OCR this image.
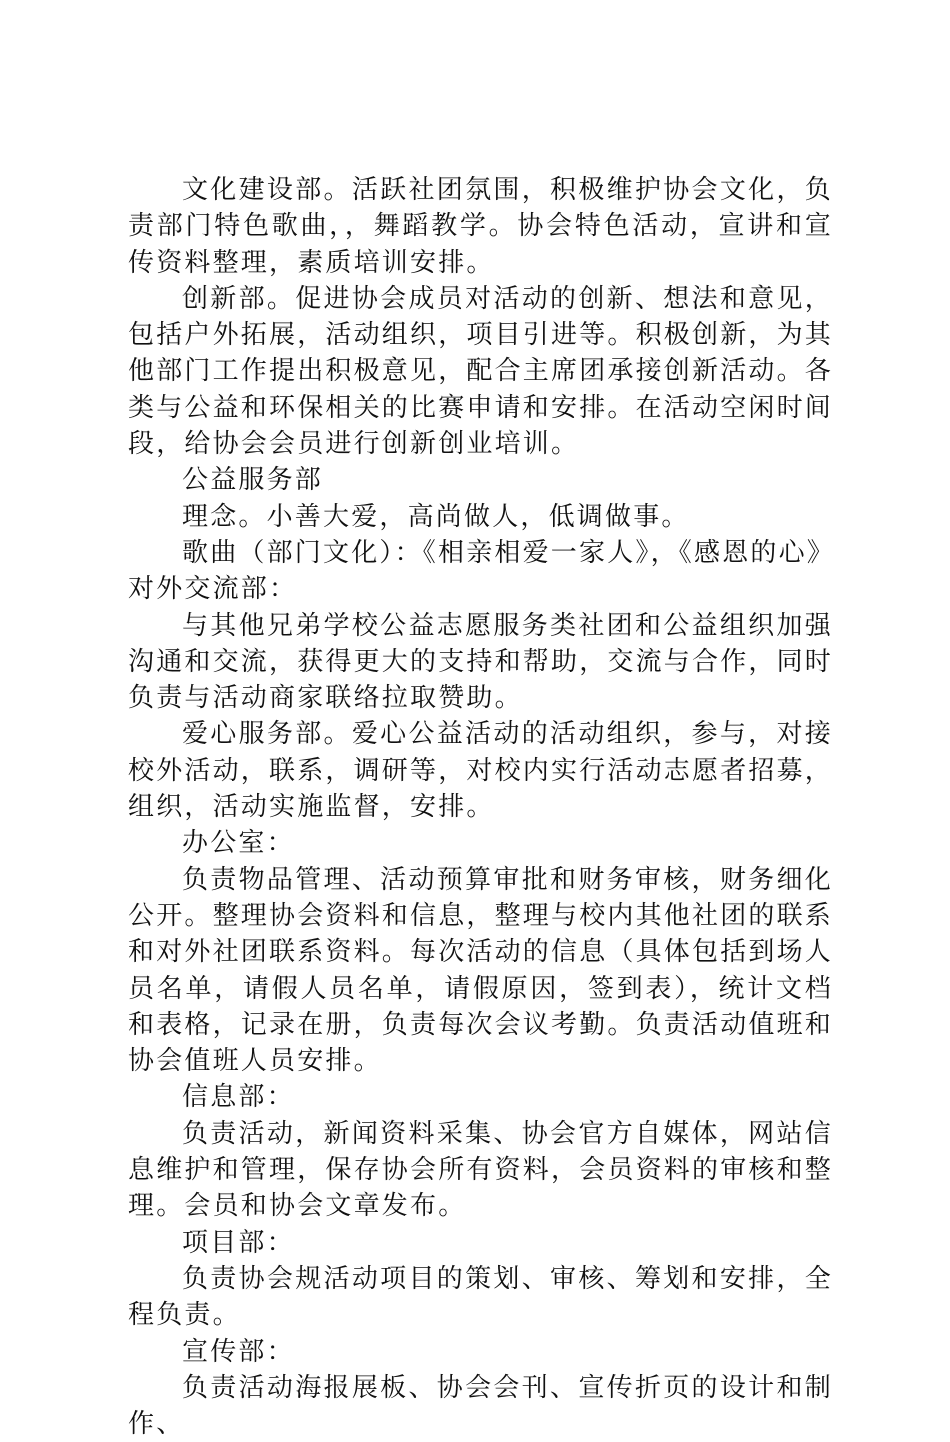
文化建设部。活跃社团氛围，积极维护协会文化，负责部门特色歌曲，，舞蹈教学。协会特色活动，宣讲和宣传资料整理，素质培训安排。

创新部。促进协会成员对活动的创新、想法和意见，包括户外拓展，活动组织，项目引进等。积极创新，为其他部门工作提出积极意见，配合主席团承接创新活动。各类与公益和环保相关的比赛申请和安排。在活动空闲时间段，给协会会员进行创新创业培训。

公益服务部

理念。小善大爱，高尚做人，低调做事。

歌曲（部门文化）：《相亲相爱一家人》，《感恩的心》

对外交流部：

与其他兄弟学校公益志愿服务类社团和公益组织加强沟通和交流，获得更大的支持和帮助，交流与合作，同时负责与活动商家联络拉取赞助。

爱心服务部。爱心公益活动的活动组织，参与，对接校外活动，联系，调研等，对校内实行活动志愿者招募，组织，活动实施监督，安排。

办公室：

负责物品管理、活动预算审批和财务审核，财务细化公开。整理协会资料和信息，整理与校内其他社团的联系和对外社团联系资料。每次活动的信息（具体包括到场人员名单，请假人员名单，请假原因，签到表），统计文档和表格，记录在册，负责每次会议考勤。负责活动值班和协会值班人员安排。

信息部：

负责活动，新闻资料采集、协会官方自媒体，网站信息维护和管理，保存协会所有资料，会员资料的审核和整理。会员和协会文章发布。

项目部：

负责协会规活动项目的策划、审核、筹划和安排，全程负责。

宣传部：

负责活动海报展板、协会会刊、宣传折页的设计和制作、
